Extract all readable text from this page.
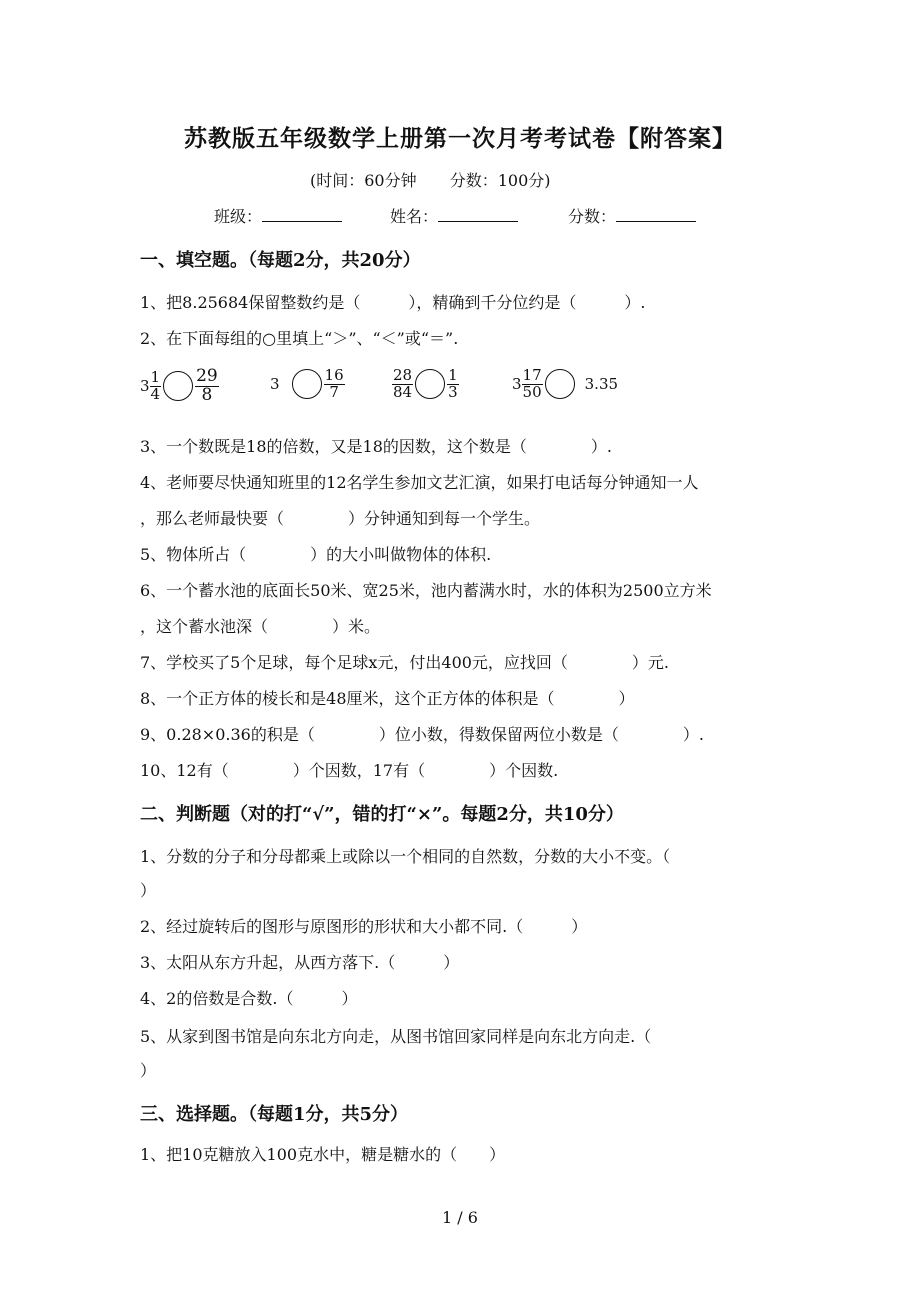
苏教版五年级数学上册第一次月考考试卷【附答案】
(时间：60分钟 分数：100分)
班级：	姓名：	分数：
一、填空题。（每题2分，共20分）
1、把8.25684保留整数约是（　　　），精确到千分位约是（　　　）.
2、在下面每组的○里填上“＞”、“＜”或“＝”.
$3 \frac{1}{4} \frac{29}{8}$	3	$\frac{16}{7}$	$\frac{28}{84} \frac{1}{3}$	$3 \frac{17}{50}$	3.35
3、一个数既是18的倍数，又是18的因数，这个数是（　　　　）.
4、老师要尽快通知班里的12名学生参加文艺汇演，如果打电话每分钟通知一人
，那么老师最快要（　　　　）分钟通知到每一个学生。
5、物体所占（　　　　）的大小叫做物体的体积.
6、一个蓄水池的底面长50米、宽25米，池内蓄满水时，水的体积为2500立方米
，这个蓄水池深（　　　　）米。
7、学校买了5个足球，每个足球x元，付出400元，应找回（　　　　）元.
8、一个正方体的棱长和是48厘米，这个正方体的体积是（　　　　）
9、0.28×0.36的积是（　　　　）位小数，得数保留两位小数是（　　　　）.
10、12有（　　　　）个因数，17有（　　　　）个因数.
二、判断题（对的打“√”，错的打“×”。每题2分，共10分）
1、分数的分子和分母都乘上或除以一个相同的自然数，分数的大小不变。（
）
2、经过旋转后的图形与原图形的形状和大小都不同.（　　　）
3、太阳从东方升起，从西方落下.（　　　）
4、2的倍数是合数.（　　　）
5、从家到图书馆是向东北方向走，从图书馆回家同样是向东北方向走.（
）
三、选择题。（每题1分，共5分）
1、把10克糖放入100克水中，糖是糖水的（　　）
1 / 6
